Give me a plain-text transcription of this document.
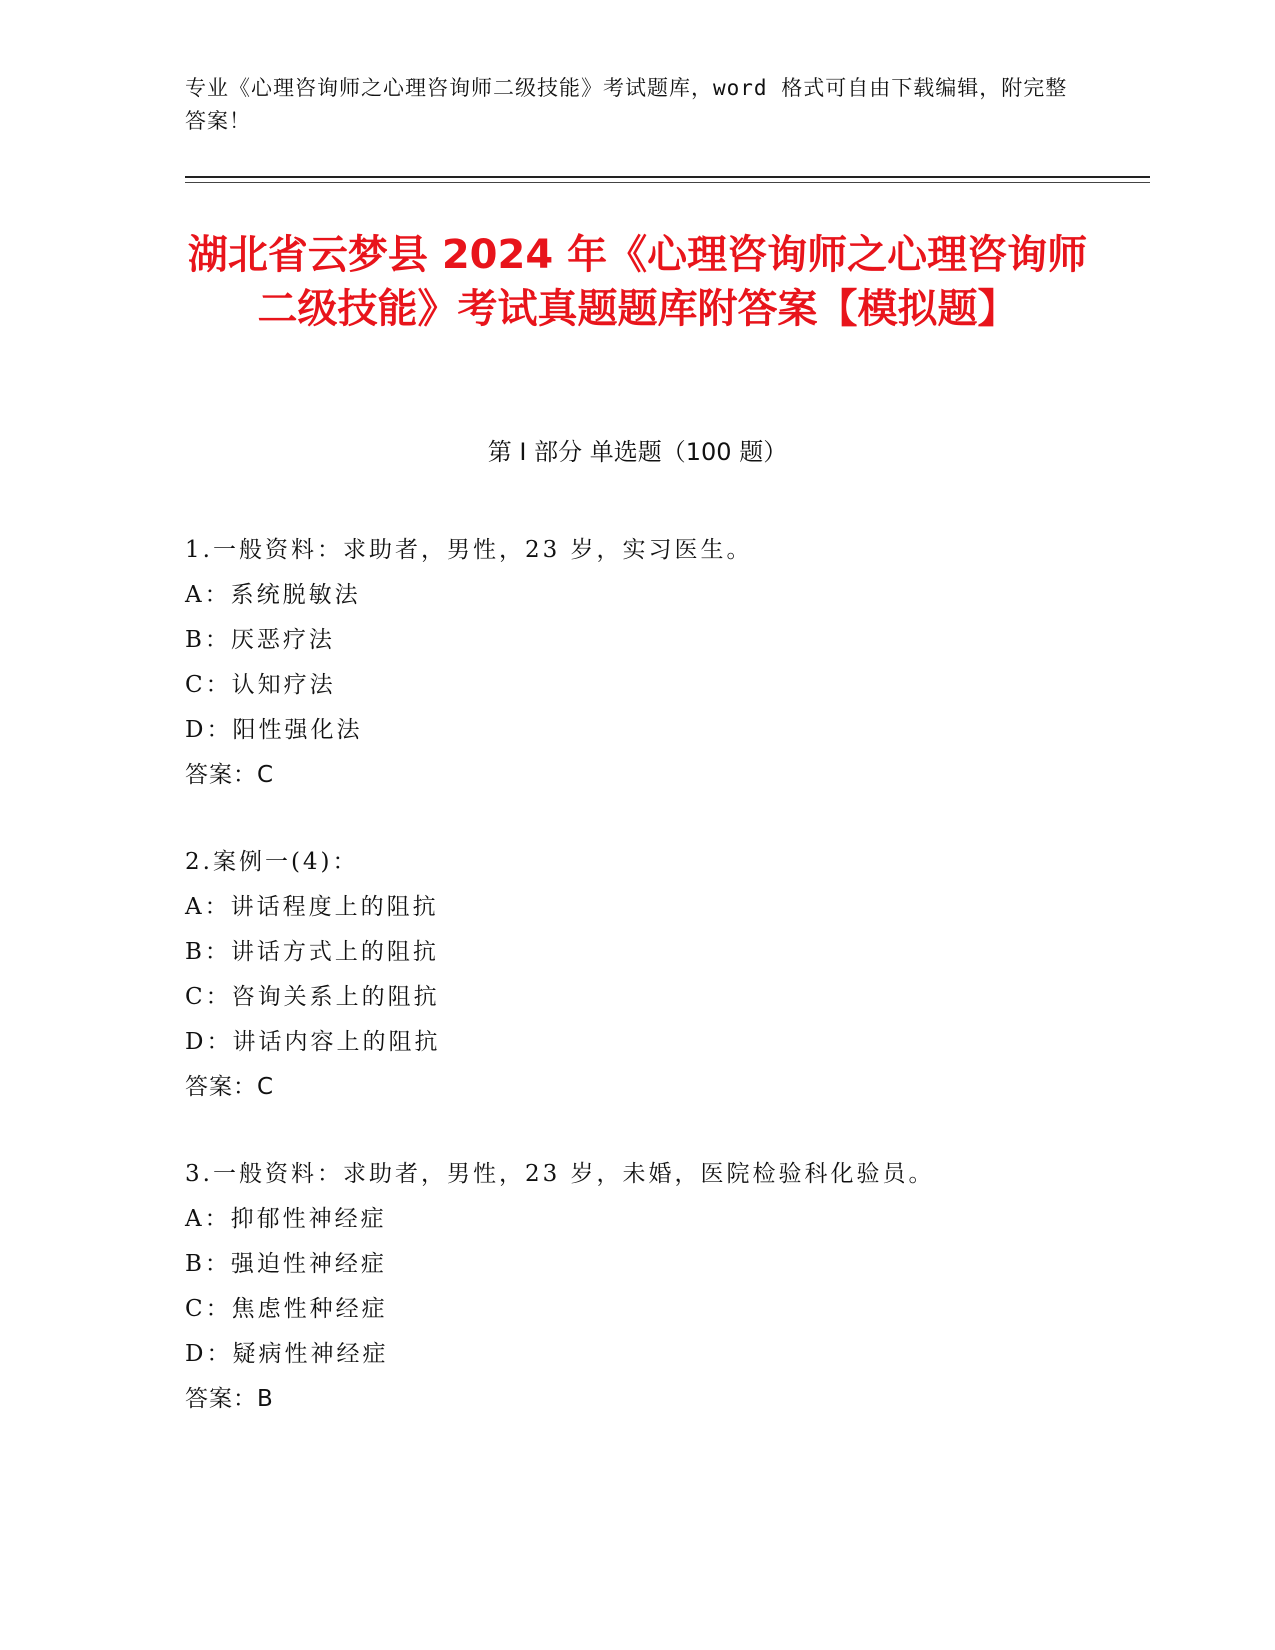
专业《心理咨询师之心理咨询师二级技能》考试题库，word 格式可自由下载编辑，附完整答案！
湖北省云梦县 2024 年《心理咨询师之心理咨询师二级技能》考试真题题库附答案【模拟题】
第 I 部分 单选题（100 题）
1.一般资料：求助者，男性，23 岁，实习医生。
A：系统脱敏法
B：厌恶疗法
C：认知疗法
D：阳性强化法
答案：C
2.案例一(4)：
A：讲话程度上的阻抗
B：讲话方式上的阻抗
C：咨询关系上的阻抗
D：讲话内容上的阻抗
答案：C
3.一般资料：求助者，男性，23 岁，未婚，医院检验科化验员。
A：抑郁性神经症
B：强迫性神经症
C：焦虑性种经症
D：疑病性神经症
答案：B
